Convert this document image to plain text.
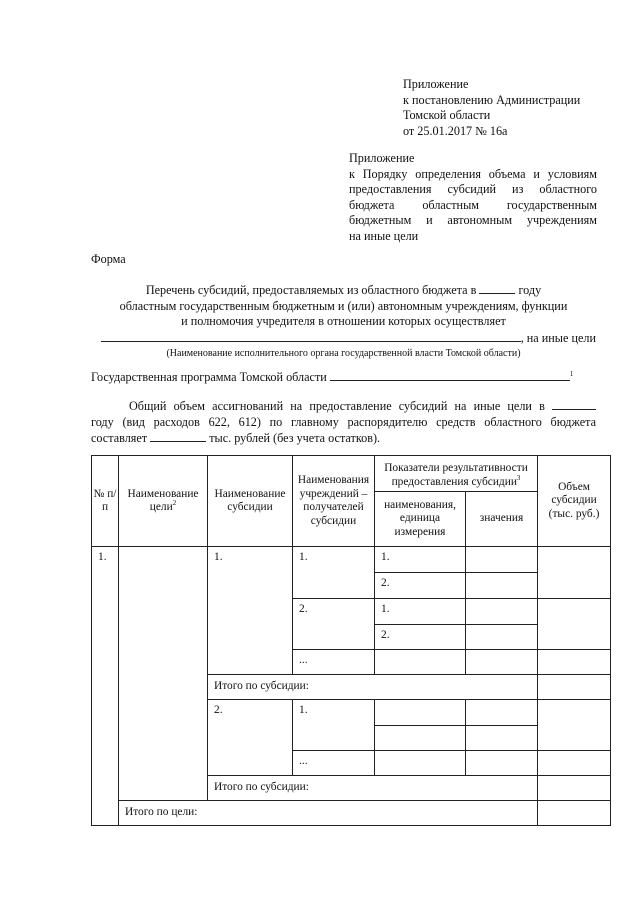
Приложение
к постановлению Администрации
Томской области
от 25.01.2017 № 16а
Приложение
к Порядку определения объема и условиям
предоставления субсидий из областного
бюджета областным государственным
бюджетным и автономным учреждениям
на иные цели
Форма
Перечень субсидий, предоставляемых из областного бюджета в	году
областным государственным бюджетным и (или) автономным учреждениям, функции
и полномочия учредителя в отношении которых осуществляет
, на иные цели
(Наименование исполнительного органа государственной власти Томской области)
Государственная программа Томской области	$^1$
Общий объем ассигнований на предоставление субсидий на иные цели в
году (вид расходов 622, 612) по главному распорядителю средств областного бюджета
составляет	тыс. рублей (без учета остатков).
№ п/п	Наименование цели$^2$	Наименование субсидии	Наименования учреждений – получателей субсидии	Показатели результативности предоставления субсидии$^3$		Объем субсидии (тыс. руб.)
				наименования, единица измерения	значения	
1.		1.	1.	1.		
				2.		
			2.	1.		
				2.		
			...			
		Итого по субсидии:				
		2.	1.			

			...			
		Итого по субсидии:				
	Итого по цели:					
